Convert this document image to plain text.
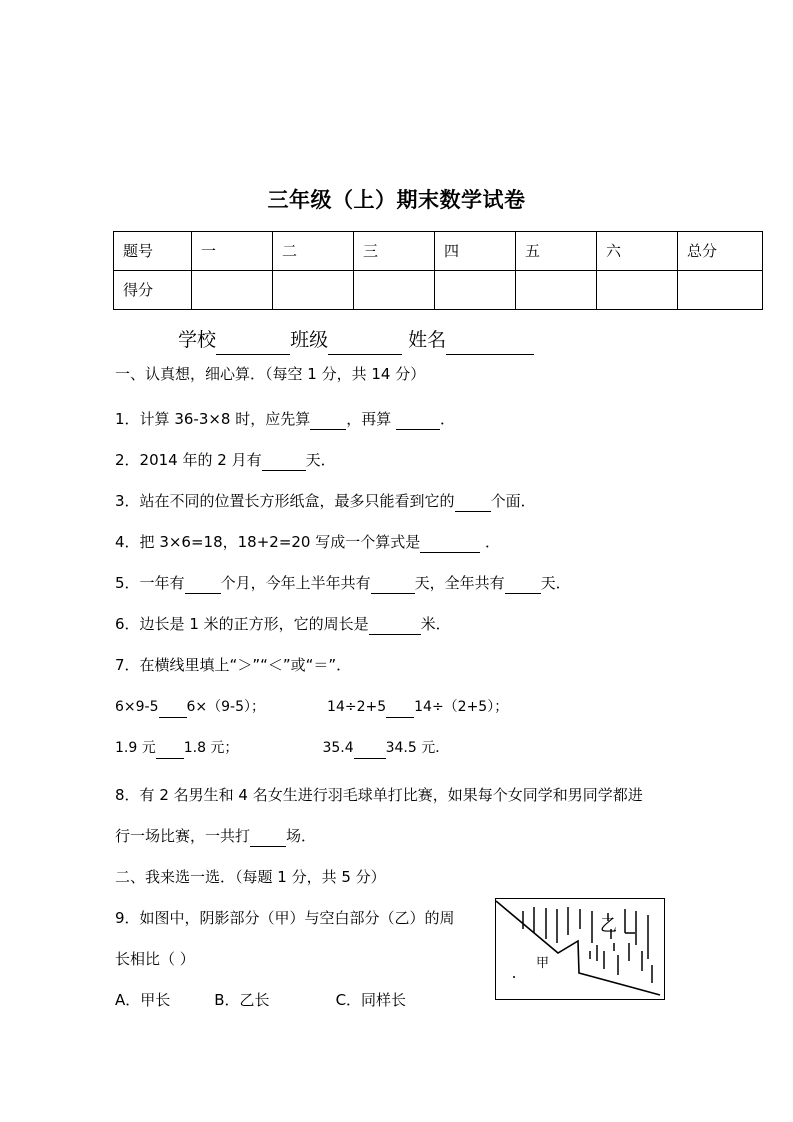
三年级（上）期末数学试卷
题号	一	二	三	四	五	六	总分
得分							
学校	班级	姓名
一、认真想，细心算．（每空 1 分，共 14 分）
1．计算 36-3×8 时，应先算 ，再算	．
2．2014 年的 2 月有	天．
3．站在不同的位置长方形纸盒，最多只能看到它的 个面．
4．把 3×6=18，18+2=20 写成一个算式是	．
5．一年有 个月，今年上半年共有	天，全年共有 天．
6．边长是 1 米的正方形，它的周长是	米．
7．在横线里填上“＞”“＜”或“＝”．
6×9-5 6×（9-5）；	14÷2+5 14÷（2+5）；
1.9 元 1.8 元；	35.4 34.5 元．
8．有 2 名男生和 4 名女生进行羽毛球单打比赛，如果每个女同学和男同学都进
行一场比赛，一共打 场．
二、我来选一选．（每题 1 分，共 5 分）
9．如图中，阴影部分（甲）与空白部分（乙）的周
长相比（ ）
A．甲长	B．乙长	C．同样长
甲
乙
